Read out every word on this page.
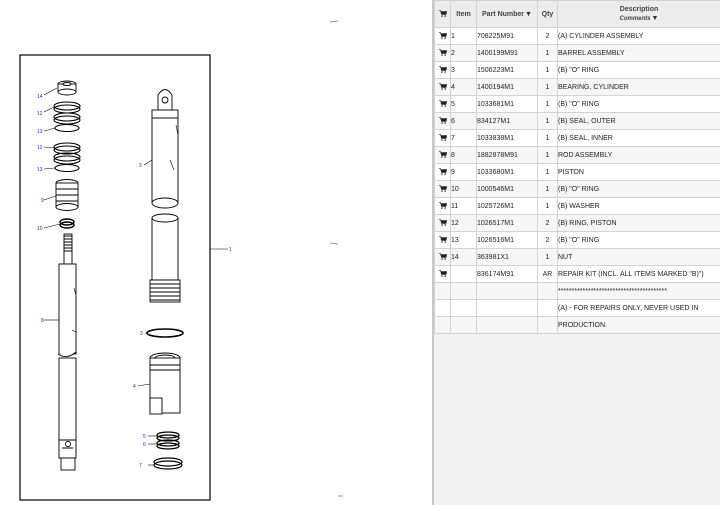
14
12
13
12
13
9
10
8
2
1
3
4
5
6
7
	Item	Part Number▼	Qty	Description
Comments▼

	1	708225M91	2	(A) CYLINDER ASSEMBLY
	2	1400199M91	1	BARREL ASSEMBLY
	3	1506223M1	1	(B) "O" RING
	4	1400194M1	1	BEARING, CYLINDER
	5	1033681M1	1	(B) "O" RING
	6	834127M1	1	(B) SEAL, OUTER
	7	1033838M1	1	(B) SEAL, INNER
	8	1882878M91	1	ROD ASSEMBLY
	9	1033680M1	1	PISTON
	10	1000546M1	1	(B) "O" RING
	11	1025726M1	1	(B) WASHER
	12	1026517M1	2	(B) RING, PISTON
	13	1026516M1	2	(B) "O" RING
	14	363981X1	1	NUT
		836174M91	AR	REPAIR KIT (INCL. ALL ITEMS MARKED "B)")
				****************************************
				(A) - FOR REPAIRS ONLY, NEVER USED IN
				PRODUCTION.
